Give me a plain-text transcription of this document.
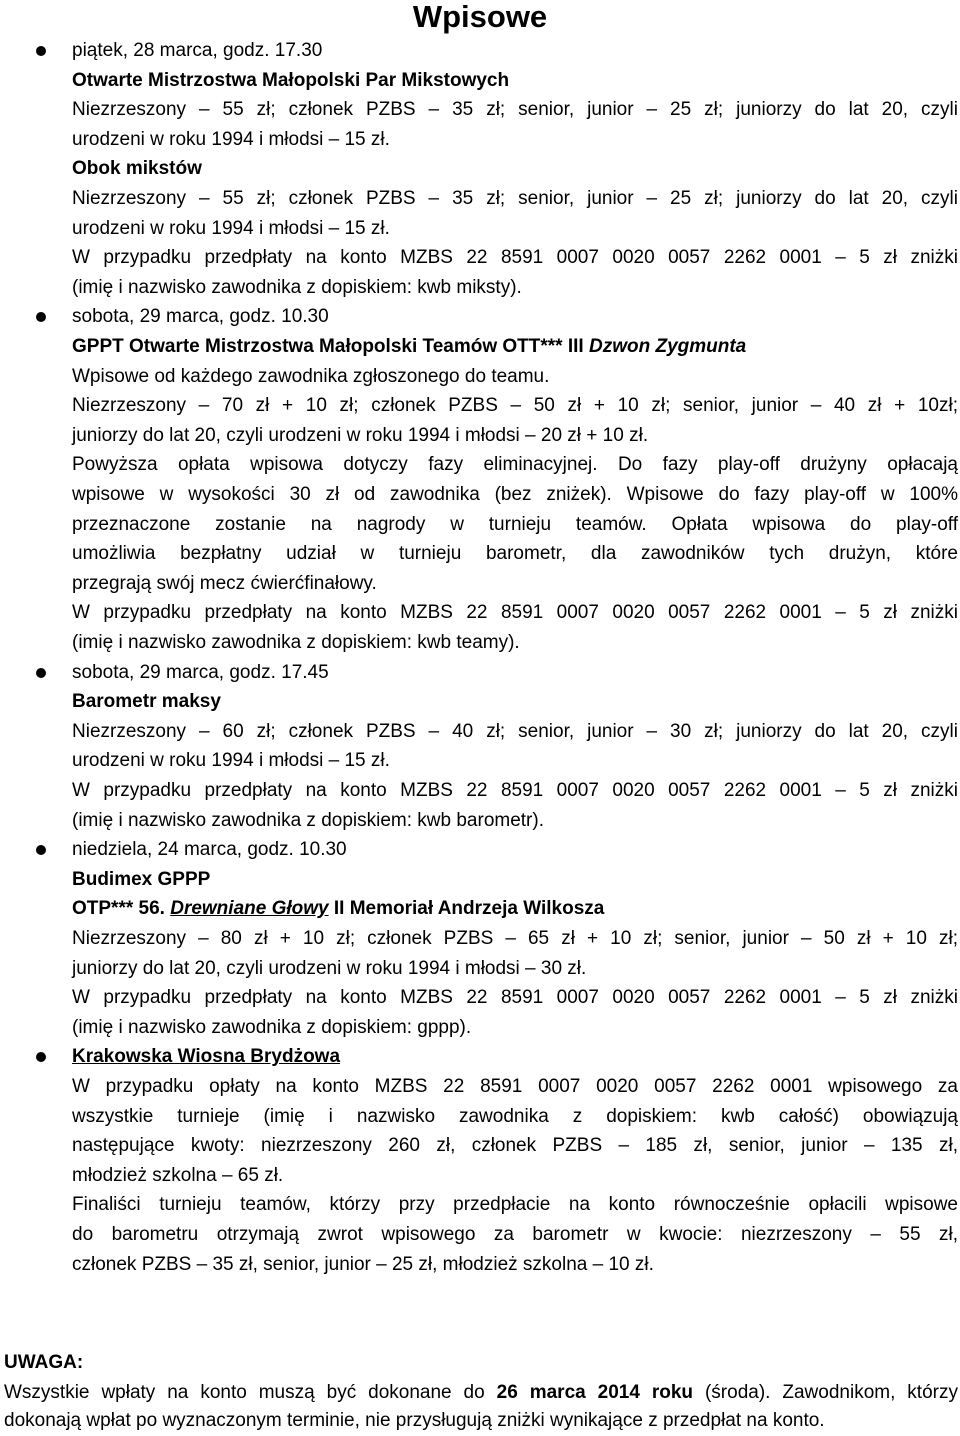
Wpisowe
piątek, 28 marca, godz. 17.30
Otwarte Mistrzostwa Małopolski Par Mikstowych
Niezrzeszony – 55 zł; członek PZBS – 35 zł; senior, junior – 25 zł; juniorzy do lat 20, czyli
urodzeni w roku 1994 i młodsi – 15 zł.
Obok mikstów
Niezrzeszony – 55 zł; członek PZBS – 35 zł; senior, junior – 25 zł; juniorzy do lat 20, czyli
urodzeni w roku 1994 i młodsi – 15 zł.
W przypadku przedpłaty na konto MZBS 22 8591 0007 0020 0057 2262 0001 – 5 zł zniżki
(imię i nazwisko zawodnika z dopiskiem: kwb miksty).
sobota, 29 marca, godz. 10.30
GPPT Otwarte Mistrzostwa Małopolski Teamów OTT*** III Dzwon Zygmunta
Wpisowe od każdego zawodnika zgłoszonego do teamu.
Niezrzeszony – 70 zł + 10 zł; członek PZBS – 50 zł + 10 zł; senior, junior – 40 zł + 10zł;
juniorzy do lat 20, czyli urodzeni w roku 1994 i młodsi – 20 zł + 10 zł.
Powyższa opłata wpisowa dotyczy fazy eliminacyjnej. Do fazy play-off drużyny opłacają
wpisowe w wysokości 30 zł od zawodnika (bez zniżek). Wpisowe do fazy play-off w 100%
przeznaczone zostanie na nagrody w turnieju teamów. Opłata wpisowa do play-off
umożliwia bezpłatny udział w turnieju barometr, dla zawodników tych drużyn, które
przegrają swój mecz ćwierćfinałowy.
W przypadku przedpłaty na konto MZBS 22 8591 0007 0020 0057 2262 0001 – 5 zł zniżki
(imię i nazwisko zawodnika z dopiskiem: kwb teamy).
sobota, 29 marca, godz. 17.45
Barometr maksy
Niezrzeszony – 60 zł; członek PZBS – 40 zł; senior, junior – 30 zł; juniorzy do lat 20, czyli
urodzeni w roku 1994 i młodsi – 15 zł.
W przypadku przedpłaty na konto MZBS 22 8591 0007 0020 0057 2262 0001 – 5 zł zniżki
(imię i nazwisko zawodnika z dopiskiem: kwb barometr).
niedziela, 24 marca, godz. 10.30
Budimex GPPP
OTP*** 56. Drewniane Głowy II Memoriał Andrzeja Wilkosza
Niezrzeszony – 80 zł + 10 zł; członek PZBS – 65 zł + 10 zł; senior, junior – 50 zł + 10 zł;
juniorzy do lat 20, czyli urodzeni w roku 1994 i młodsi – 30 zł.
W przypadku przedpłaty na konto MZBS 22 8591 0007 0020 0057 2262 0001 – 5 zł zniżki
(imię i nazwisko zawodnika z dopiskiem: gppp).
Krakowska Wiosna Brydżowa
W przypadku opłaty na konto MZBS 22 8591 0007 0020 0057 2262 0001 wpisowego za
wszystkie turnieje (imię i nazwisko zawodnika z dopiskiem: kwb całość) obowiązują
następujące kwoty: niezrzeszony 260 zł, członek PZBS – 185 zł, senior, junior – 135 zł,
młodzież szkolna – 65 zł.
Finaliści turnieju teamów, którzy przy przedpłacie na konto równocześnie opłacili wpisowe
do barometru otrzymają zwrot wpisowego za barometr w kwocie: niezrzeszony – 55 zł,
członek PZBS – 35 zł, senior, junior – 25 zł, młodzież szkolna – 10 zł.
UWAGA:
Wszystkie wpłaty na konto muszą być dokonane do 26 marca 2014 roku (środa). Zawodnikom, którzy
dokonają wpłat po wyznaczonym terminie, nie przysługują zniżki wynikające z przedpłat na konto.
